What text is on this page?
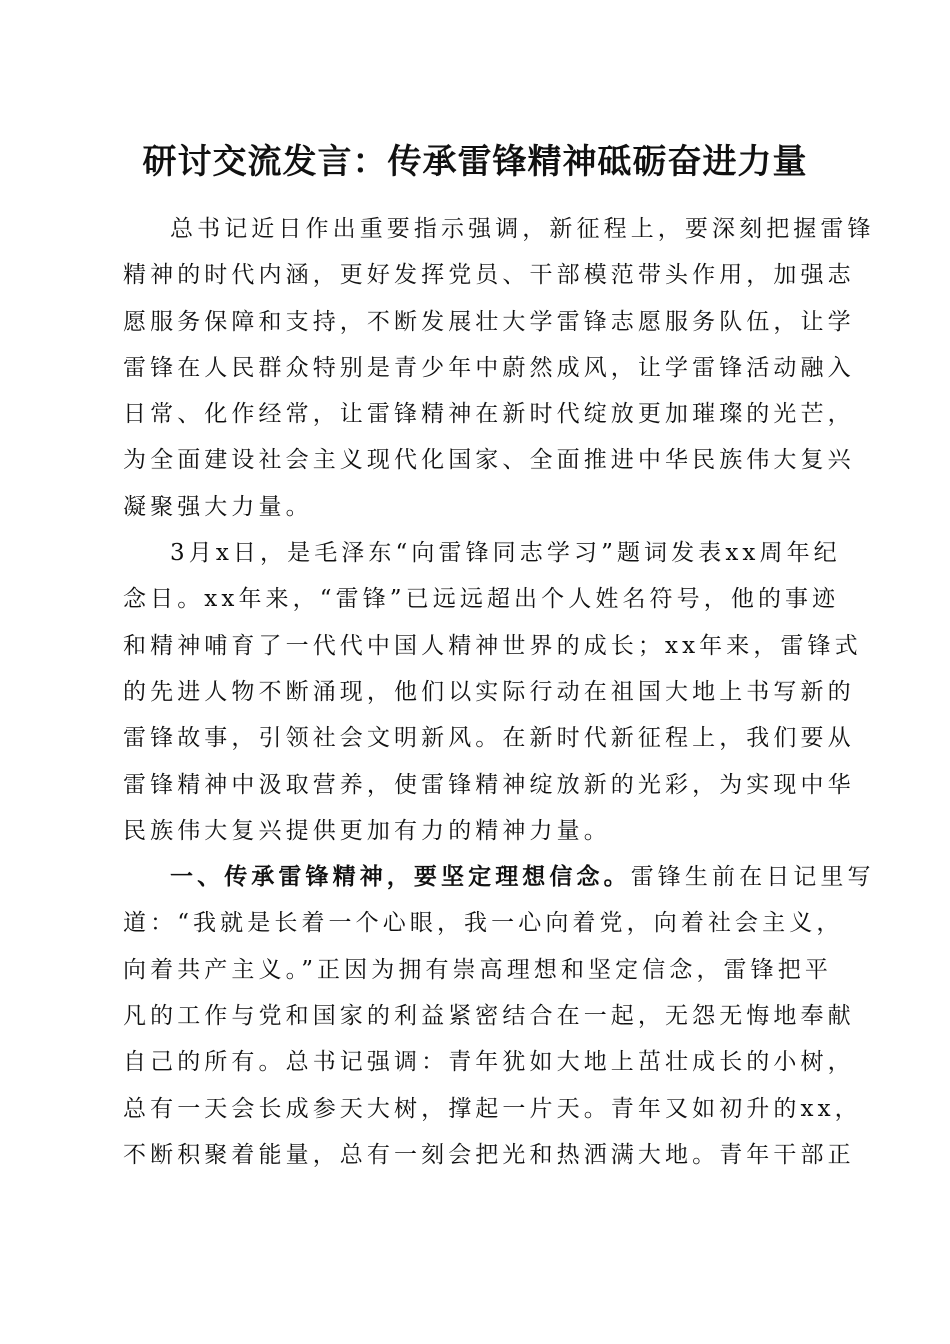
研讨交流发言：传承雷锋精神砥砺奋进力量
总书记近日作出重要指示强调，新征程上，要深刻把握雷锋
精神的时代内涵，更好发挥党员、干部模范带头作用，加强志
愿服务保障和支持，不断发展壮大学雷锋志愿服务队伍，让学
雷锋在人民群众特别是青少年中蔚然成风，让学雷锋活动融入
日常、化作经常，让雷锋精神在新时代绽放更加璀璨的光芒，
为全面建设社会主义现代化国家、全面推进中华民族伟大复兴
凝聚强大力量。
3月x日，是毛泽东“向雷锋同志学习”题词发表xx周年纪
念日。xx年来，“雷锋”已远远超出个人姓名符号，他的事迹
和精神哺育了一代代中国人精神世界的成长；xx年来，雷锋式
的先进人物不断涌现，他们以实际行动在祖国大地上书写新的
雷锋故事，引领社会文明新风。在新时代新征程上，我们要从
雷锋精神中汲取营养，使雷锋精神绽放新的光彩，为实现中华
民族伟大复兴提供更加有力的精神力量。
一、传承雷锋精神，要坚定理想信念。雷锋生前在日记里写
道：“我就是长着一个心眼，我一心向着党，向着社会主义，
向着共产主义。”正因为拥有崇高理想和坚定信念，雷锋把平
凡的工作与党和国家的利益紧密结合在一起，无怨无悔地奉献
自己的所有。总书记强调：青年犹如大地上茁壮成长的小树，
总有一天会长成参天大树，撑起一片天。青年又如初升的xx，
不断积聚着能量，总有一刻会把光和热洒满大地。青年干部正
